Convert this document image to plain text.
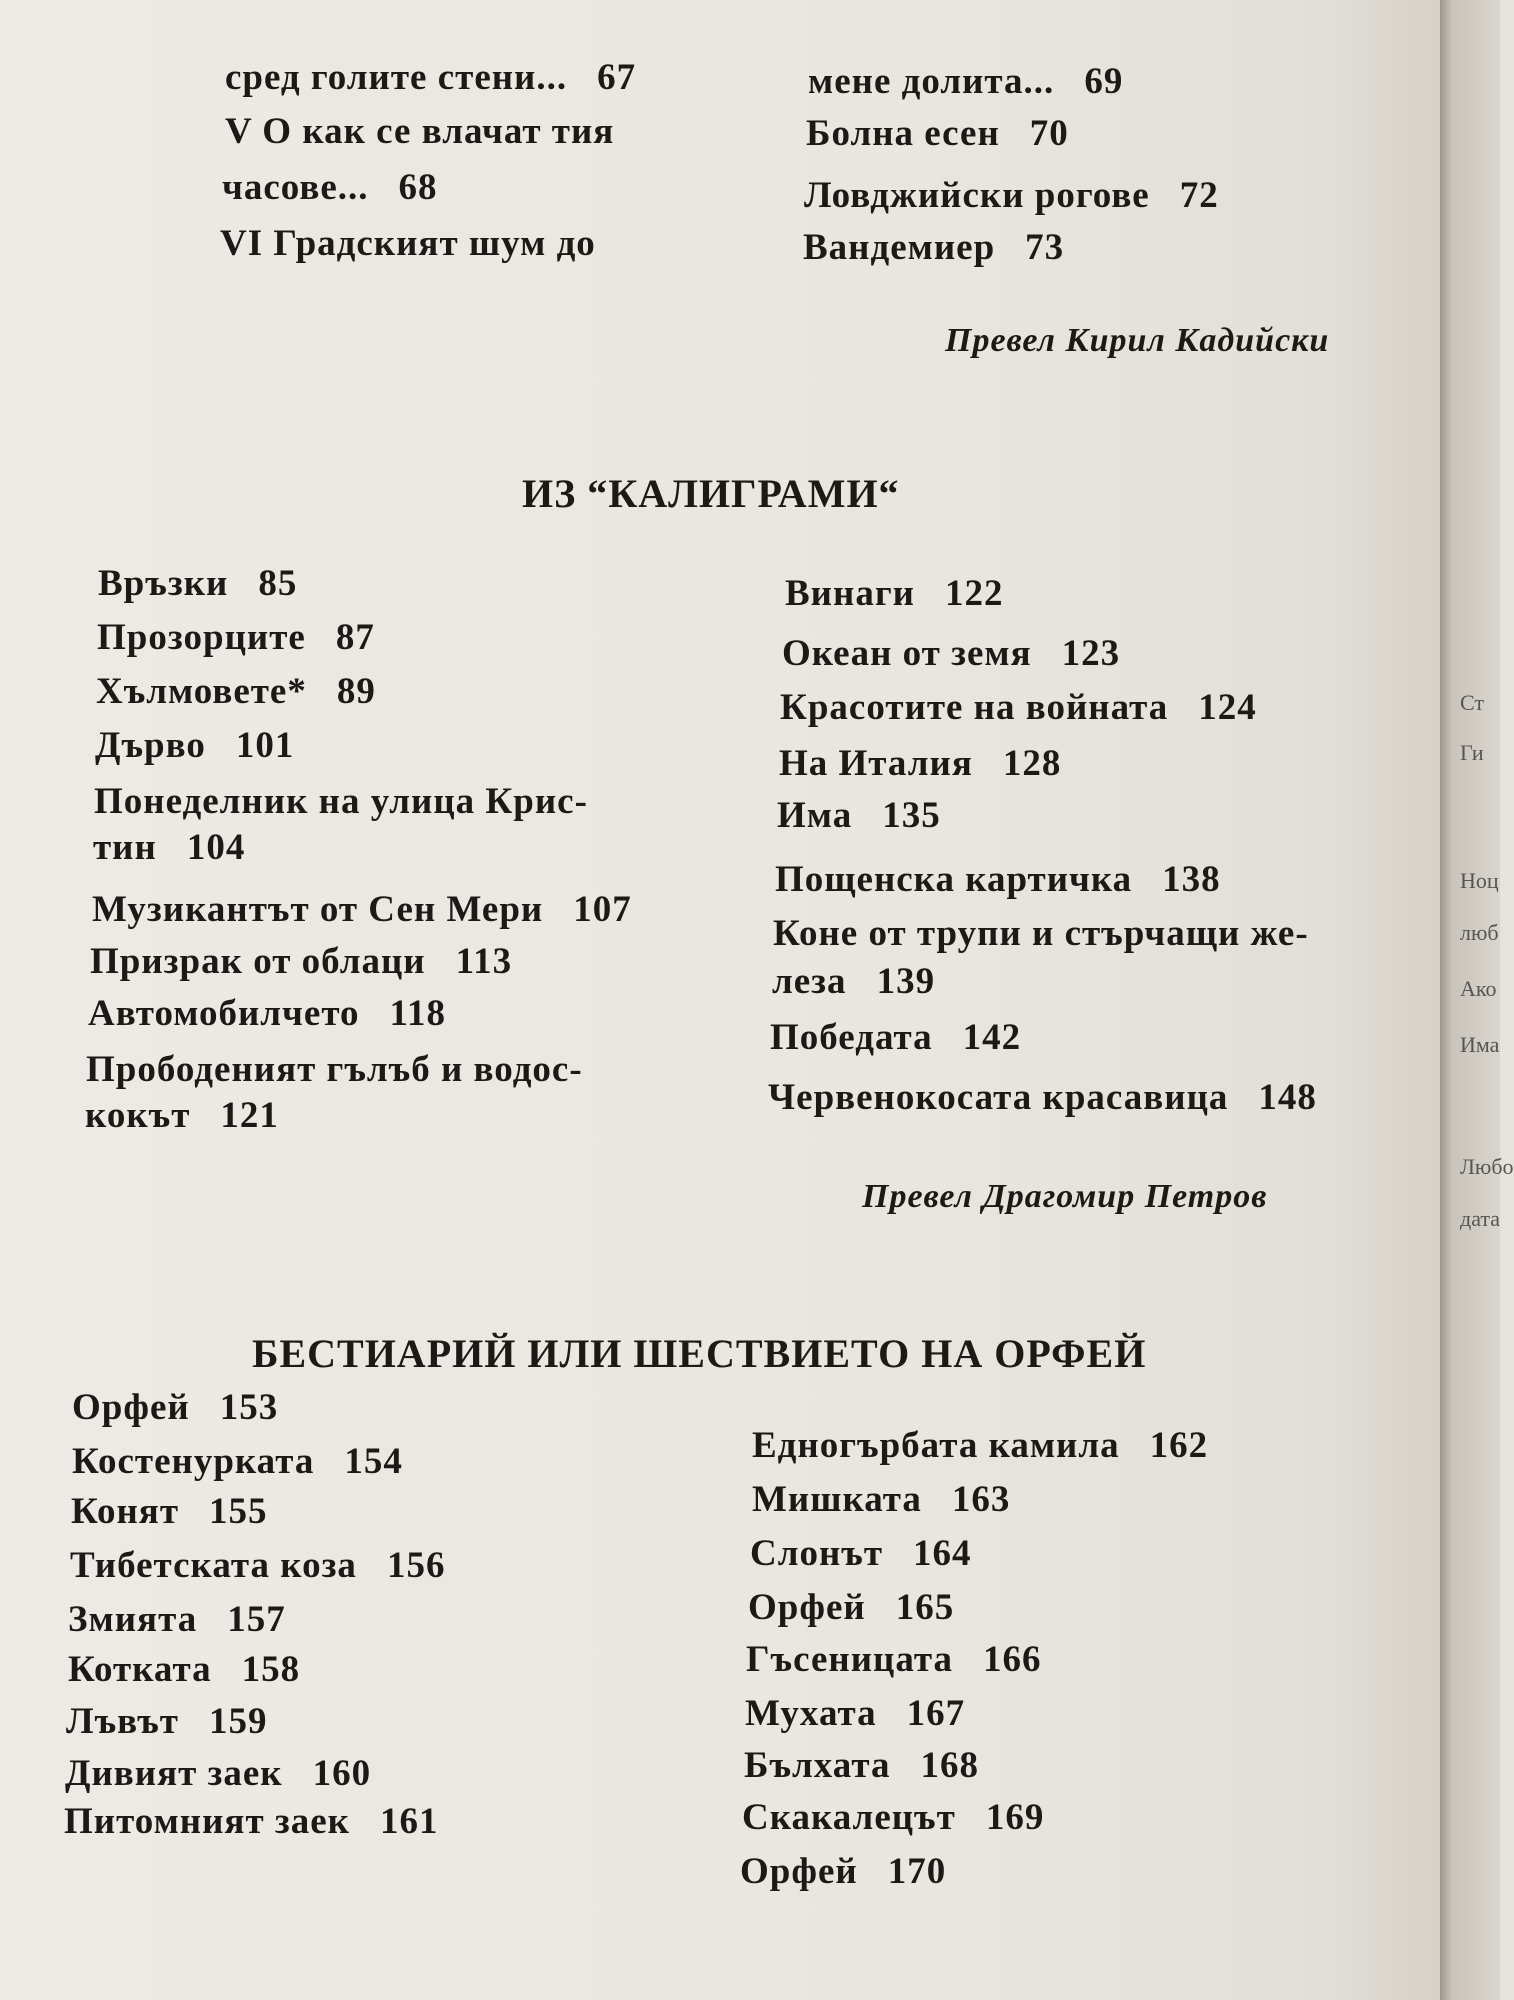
сред голите стени... 67
V О как се влачат тия
часове... 68
VI Градският шум до
мене долита... 69
Болна есен 70
Ловджийски рогове 72
Вандемиер 73
Превел Кирил Кадийски
ИЗ “КАЛИГРАМИ“
Връзки 85
Прозорците 87
Хълмовете* 89
Дърво 101
Понеделник на улица Крис-
тин 104
Музикантът от Сен Мери 107
Призрак от облаци 113
Автомобилчето 118
Прободеният гълъб и водос-
кокът 121
Винаги 122
Океан от земя 123
Красотите на войната 124
На Италия 128
Има 135
Пощенска картичка 138
Коне от трупи и стърчащи же-
леза 139
Победата 142
Червенокосата красавица 148
Превел Драгомир Петров
БЕСТИАРИЙ ИЛИ ШЕСТВИЕТО НА ОРФЕЙ
Орфей 153
Костенурката 154
Конят 155
Тибетската коза 156
Змията 157
Котката 158
Лъвът 159
Дивият заек 160
Питомният заек 161
Едногърбата камила 162
Мишката 163
Слонът 164
Орфей 165
Гъсеницата 166
Мухата 167
Бълхата 168
Скакалецът 169
Орфей 170
Ст
Ги
Ноц
люб
Ако
Има
Любо
дата
